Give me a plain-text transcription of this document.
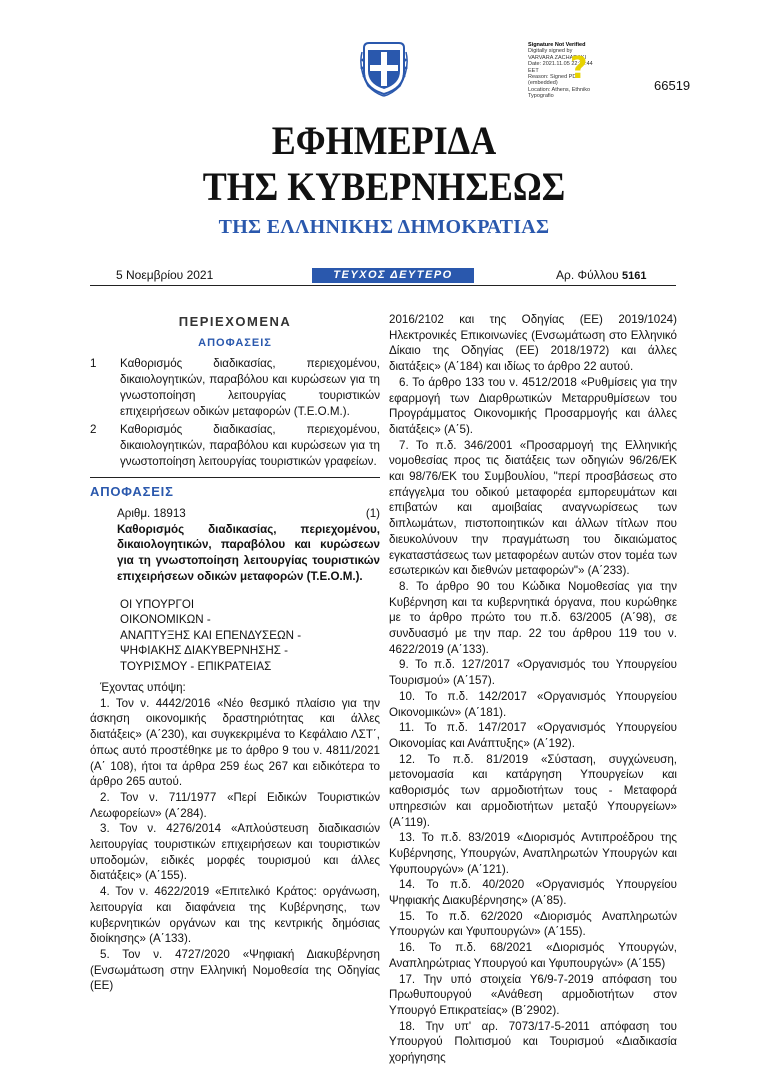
Signature Not Verified
Digitally signed by
VARVARA ZACHARAKI
Date: 2021.11.05 22:36:44
EET
Reason: Signed PDF
(embedded)
Location: Athens, Ethniko
Typografio
?	66519
ΕΦΗΜΕΡΙΔΑ
ΤΗΣ ΚΥΒΕΡΝΗΣΕΩΣ
ΤΗΣ ΕΛΛΗΝΙΚΗΣ ΔΗΜΟΚΡΑΤΙΑΣ
5 Νοεμβρίου 2021	ΤΕΥΧΟΣ ΔΕΥΤΕΡΟ	Αρ. Φύλλου 5161
ΠΕΡΙΕΧΟΜΕΝΑ
ΑΠΟΦΑΣΕΙΣ
1	Καθορισμός διαδικασίας, περιεχομένου, δικαιολογητικών, παραβόλου και κυρώσεων για τη γνωστοποίηση λειτουργίας τουριστικών επιχειρήσεων οδικών μεταφορών (Τ.Ε.Ο.Μ.).
2	Καθορισμός διαδικασίας, περιεχομένου, δικαιολογητικών, παραβόλου και κυρώσεων για τη γνωστοποίηση λειτουργίας τουριστικών γραφείων.
ΑΠΟΦΑΣΕΙΣ
Αριθμ. 18913	(1)
Καθορισμός διαδικασίας, περιεχομένου, δικαιολογητικών, παραβόλου και κυρώσεων για τη γνωστοποίηση λειτουργίας τουριστικών επιχειρήσεων οδικών μεταφορών (Τ.Ε.Ο.Μ.).
ΟΙ ΥΠΟΥΡΓΟΙ
ΟΙΚΟΝΟΜΙΚΩΝ -
ΑΝΑΠΤΥΞΗΣ ΚΑΙ ΕΠΕΝΔΥΣΕΩΝ -
ΨΗΦΙΑΚΗΣ ΔΙΑΚΥΒΕΡΝΗΣΗΣ -
ΤΟΥΡΙΣΜΟΥ - ΕΠΙΚΡΑΤΕΙΑΣ

Έχοντας υπόψη:

1. Τον ν. 4442/2016 «Νέο θεσμικό πλαίσιο για την άσκηση οικονομικής δραστηριότητας και άλλες διατάξεις» (Α΄230), και συγκεκριμένα το Κεφάλαιο ΛΣΤ΄, όπως αυτό προστέθηκε με το άρθρο 9 του ν. 4811/2021 (Α΄ 108), ήτοι τα άρθρα 259 έως 267 και ειδικότερα το άρθρο 265 αυτού.

2. Τον ν. 711/1977 «Περί Ειδικών Τουριστικών Λεωφορείων» (Α΄284).

3. Τον ν. 4276/2014 «Απλούστευση διαδικασιών λειτουργίας τουριστικών επιχειρήσεων και τουριστικών υποδομών, ειδικές μορφές τουρισμού και άλλες διατάξεις» (Α΄155).

4. Τον ν. 4622/2019 «Επιτελικό Κράτος: οργάνωση, λειτουργία και διαφάνεια της Κυβέρνησης, των κυβερνητικών οργάνων και της κεντρικής δημόσιας διοίκησης» (Α΄133).

5. Τον ν. 4727/2020 «Ψηφιακή Διακυβέρνηση (Ενσωμάτωση στην Ελληνική Νομοθεσία της Οδηγίας (ΕΕ)

2016/2102 και της Οδηγίας (ΕΕ) 2019/1024) Ηλεκτρονικές Επικοινωνίες (Ενσωμάτωση στο Ελληνικό Δίκαιο της Οδηγίας (ΕΕ) 2018/1972) και άλλες διατάξεις» (Α΄184) και ιδίως το άρθρο 22 αυτού.

6. Το άρθρο 133 του ν. 4512/2018 «Ρυθμίσεις για την εφαρμογή των Διαρθρωτικών Μεταρρυθμίσεων του Προγράμματος Οικονομικής Προσαρμογής και άλλες διατάξεις» (Α΄5).

7. Το π.δ. 346/2001 «Προσαρμογή της Ελληνικής νομοθεσίας προς τις διατάξεις των οδηγιών 96/26/ΕΚ και 98/76/ΕΚ του Συμβουλίου, "περί προσβάσεως στο επάγγελμα του οδικού μεταφορέα εμπορευμάτων και επιβατών και αμοιβαίας αναγνωρίσεως των διπλωμάτων, πιστοποιητικών και άλλων τίτλων που διευκολύνουν την πραγμάτωση του δικαιώματος εγκαταστάσεως των μεταφορέων αυτών στον τομέα των εσωτερικών και διεθνών μεταφορών"» (Α΄233).

8. Το άρθρο 90 του Κώδικα Νομοθεσίας για την Κυβέρνηση και τα κυβερνητικά όργανα, που κυρώθηκε με το άρθρο πρώτο του π.δ. 63/2005 (Α΄98), σε συνδυασμό με την παρ. 22 του άρθρου 119 του ν. 4622/2019 (Α΄133).

9. Το π.δ. 127/2017 «Οργανισμός του Υπουργείου Τουρισμού» (Α΄157).

10. Το π.δ. 142/2017 «Οργανισμός Υπουργείου Οικονομικών» (Α΄181).

11. Το π.δ. 147/2017 «Οργανισμός Υπουργείου Οικονομίας και Ανάπτυξης» (Α΄192).

12. Το π.δ. 81/2019 «Σύσταση, συγχώνευση, μετονομασία και κατάργηση Υπουργείων και καθορισμός των αρμοδιοτήτων τους - Μεταφορά υπηρεσιών και αρμοδιοτήτων μεταξύ Υπουργείων» (Α΄119).

13. Το π.δ. 83/2019 «Διορισμός Αντιπροέδρου της Κυβέρνησης, Υπουργών, Αναπληρωτών Υπουργών και Υφυπουργών» (Α΄121).

14. Το π.δ. 40/2020 «Οργανισμός Υπουργείου Ψηφιακής Διακυβέρνησης» (Α΄85).

15. Το π.δ. 62/2020 «Διορισμός Αναπληρωτών Υπουργών και Υφυπουργών» (Α΄155).

16. Το π.δ. 68/2021 «Διορισμός Υπουργών, Αναπληρώτριας Υπουργού και Υφυπουργών» (Α΄155)

17. Την υπό στοιχεία Υ6/9-7-2019 απόφαση του Πρωθυπουργού «Ανάθεση αρμοδιοτήτων στον Υπουργό Επικρατείας» (Β΄2902).

18. Την υπ' αρ. 7073/17-5-2011 απόφαση του Υπουργού Πολιτισμού και Τουρισμού «Διαδικασία χορήγησης
